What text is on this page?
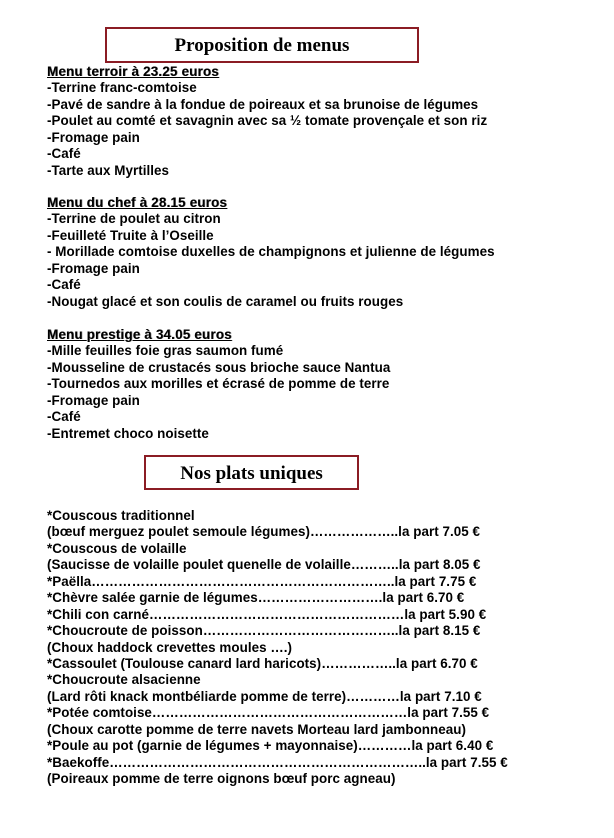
Proposition de menus
Menu terroir à 23.25 euros
-Terrine franc-comtoise
-Pavé de sandre à la fondue de poireaux et sa brunoise de légumes
-Poulet au comté et savagnin avec sa ½ tomate provençale et son riz
-Fromage pain
-Café
-Tarte aux Myrtilles
Menu du chef à 28.15 euros
-Terrine de poulet au citron
-Feuilleté Truite à l’Oseille
- Morillade comtoise duxelles de champignons et julienne de légumes
-Fromage pain
-Café
-Nougat glacé et son coulis de caramel ou fruits rouges
Menu prestige à 34.05 euros
-Mille feuilles foie gras saumon fumé
-Mousseline de crustacés sous brioche sauce Nantua
-Tournedos aux morilles et écrasé de pomme de terre
-Fromage pain
-Café
-Entremet choco noisette
Nos plats uniques
*Couscous traditionnel
(bœuf merguez poulet semoule légumes)………………..la part 7.05 €
*Couscous de volaille
(Saucisse de volaille poulet quenelle de volaille………..la part 8.05 €
*Paëlla…………………………………………………………..la part 7.75 €
*Chèvre salée garnie de légumes……………………….la part 6.70 €
*Chili con carné…………………………………………………la part 5.90 €
*Choucroute de poisson……………………………………..la part 8.15 €
(Choux haddock crevettes moules ….)
*Cassoulet (Toulouse canard lard haricots)……………..la part 6.70 €
*Choucroute alsacienne
(Lard rôti knack montbéliarde pomme de terre)…………la part 7.10 €
*Potée comtoise…………………………………………………la part 7.55 €
(Choux carotte pomme de terre navets Morteau lard jambonneau)
*Poule au pot (garnie de légumes + mayonnaise)…………la part 6.40 €
*Baekoffe……………………………………………………………..la part 7.55 €
(Poireaux pomme de terre oignons bœuf porc agneau)
